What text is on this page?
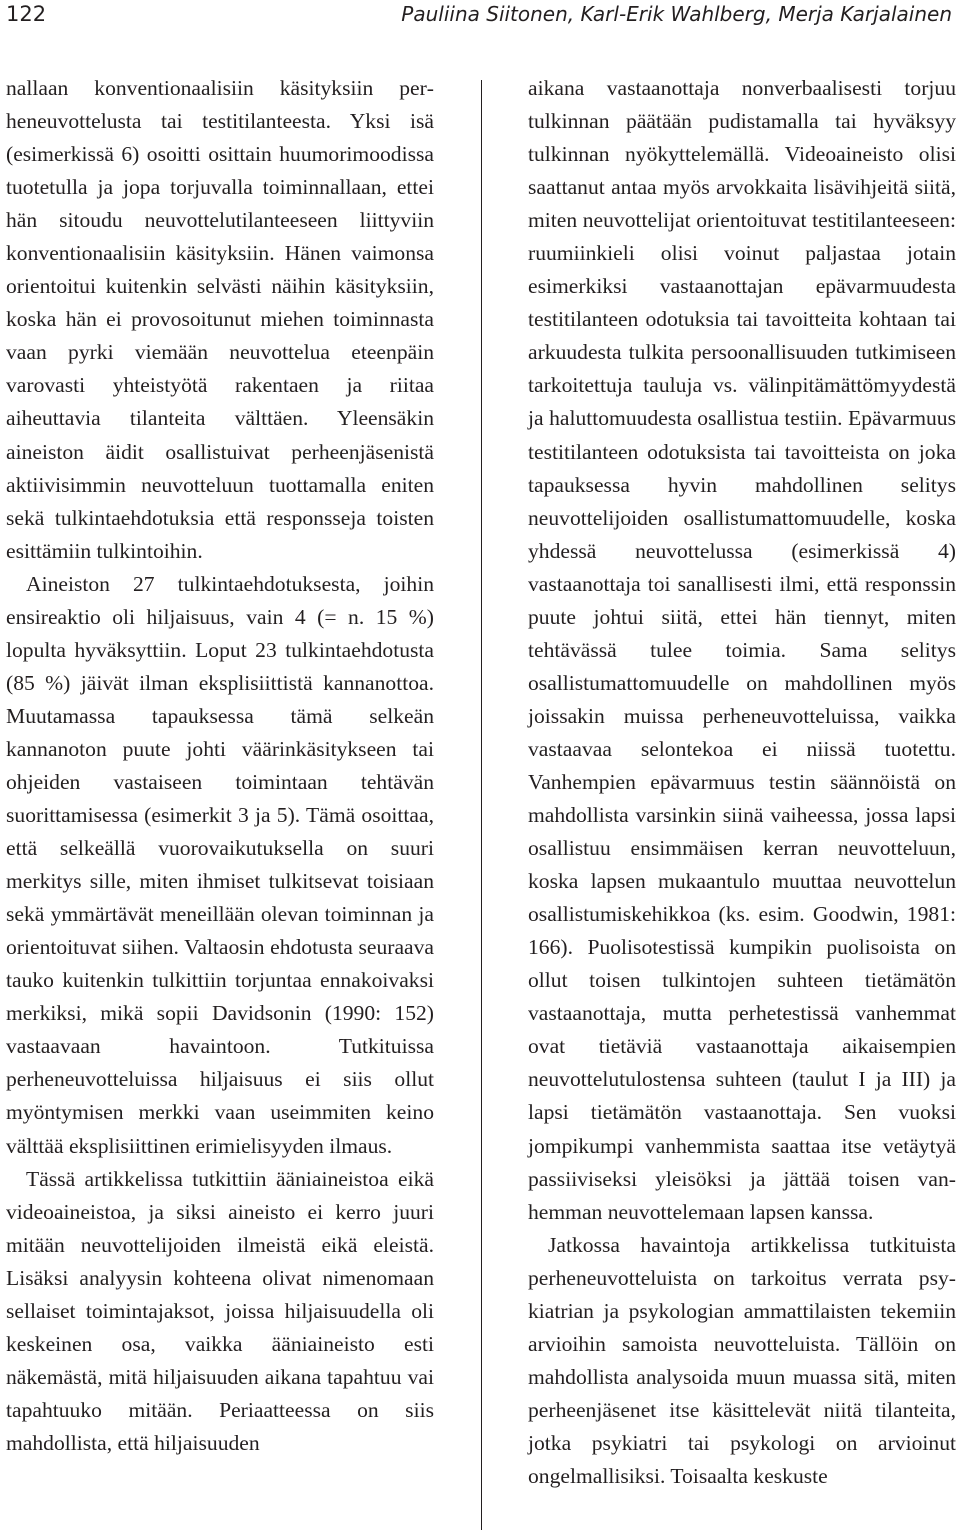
122	Pauliina Siitonen, Karl-Erik Wahlberg, Merja Karjalainen

nallaan konventionaalisiin käsityksiin perheneuvottelusta tai testitilanteesta. Yksi isä (esimerkissä 6) osoitti osittain huumorimoodissa tuotetulla ja jopa torjuvalla toiminnallaan, ettei hän sitoudu neuvottelutilanteeseen liittyviin konventionaalisiin käsityksiin. Hänen vaimonsa orientoitui kuitenkin selvästi näihin käsityksiin, koska hän ei provosoitunut miehen toiminnasta vaan pyrki viemään neuvottelua eteenpäin varovasti yhteistyötä rakentaen ja riitaa aiheuttavia tilanteita välttäen. Yleensäkin aineiston äidit osallistuivat perheenjäsenistä aktiivisimmin neuvotteluun tuottamalla eniten sekä tulkintaehdotuksia että responsseja toisten esittämiin tulkintoihin.

Aineiston 27 tulkintaehdotuksesta, joihin ensireaktio oli hiljaisuus, vain 4 (= n. 15 %) lopulta hyväksyttiin. Loput 23 tulkintaehdotusta (85 %) jäivät ilman eksplisiittistä kannanottoa. Muutamassa tapauksessa tämä selkeän kannanoton puute johti väärinkäsitykseen tai ohjeiden vastaiseen toimintaan tehtävän suorittamisessa (esimerkit 3 ja 5). Tämä osoittaa, että selkeällä vuorovaikutuksella on suuri merkitys sille, miten ihmiset tulkitsevat toisiaan sekä ymmärtävät meneillään olevan toiminnan ja orientoituvat siihen. Valtaosin ehdotusta seuraava tauko kuitenkin tulkittiin torjuntaa ennakoivaksi merkiksi, mikä sopii Davidsonin (1990: 152) vastaavaan havaintoon. Tutkituissa perheneuvotteluissa hiljaisuus ei siis ollut myöntymisen merkki vaan useimmiten keino välttää eksplisiittinen erimielisyyden ilmaus.

Tässä artikkelissa tutkittiin ääniaineistoa eikä videoaineistoa, ja siksi aineisto ei kerro juuri mitään neuvottelijoiden ilmeistä eikä eleistä. Lisäksi analyysin kohteena olivat nimenomaan sellaiset toimintajaksot, joissa hiljaisuudella oli keskeinen osa, vaikka ääniaineisto esti näkemästä, mitä hiljaisuuden aikana tapahtuu vai tapahtuuko mitään. Periaatteessa on siis mahdollista, että hiljaisuuden

aikana vastaanottaja nonverbaalisesti torjuu tulkinnan päätään pudistamalla tai hyväksyy tulkinnan nyökyttelemällä. Videoaineisto olisi saattanut antaa myös arvokkaita lisävihjeitä siitä, miten neuvottelijat orientoituvat testitilanteeseen: ruumiinkieli olisi voinut paljastaa jotain esimerkiksi vastaanottajan epävarmuudesta testitilanteen odotuksia tai tavoitteita kohtaan tai arkuudesta tulkita persoonallisuuden tutkimiseen tarkoitettuja tauluja vs. välinpitämättömyydestä ja haluttomuudesta osallistua testiin. Epävarmuus testitilanteen odotuksista tai tavoitteista on joka tapauksessa hyvin mahdollinen selitys neuvottelijoiden osallistumattomuudelle, koska yhdessä neuvottelussa (esimerkissä 4) vastaanottaja toi sanallisesti ilmi, että responssin puute johtui siitä, ettei hän tiennyt, miten tehtävässä tulee toimia. Sama selitys osallistumattomuudelle on mahdollinen myös joissakin muissa perheneuvotteluissa, vaikka vastaavaa selontekoa ei niissä tuotettu. Vanhempien epävarmuus testin säännöistä on mahdollista varsinkin siinä vaiheessa, jossa lapsi osallistuu ensimmäisen kerran neuvotteluun, koska lapsen mukaantulo muuttaa neuvottelun osallistumiskehikkoa (ks. esim. Goodwin, 1981: 166). Puolisotestissä kumpikin puolisoista on ollut toisen tulkintojen suhteen tietämätön vastaanottaja, mutta perhetestissä vanhemmat ovat tietäviä vastaanottaja aikaisempien neuvottelutulostensa suhteen (taulut I ja III) ja lapsi tietämätön vastaanottaja. Sen vuoksi jompikumpi vanhemmista saattaa itse vetäytyä passiiviseksi yleisöksi ja jättää toisen vanhemman neuvottelemaan lapsen kanssa.

Jatkossa havaintoja artikkelissa tutkituista perheneuvotteluista on tarkoitus verrata psykiatrian ja psykologian ammattilaisten tekemiin arvioihin samoista neuvotteluista. Tällöin on mahdollista analysoida muun muassa sitä, miten perheenjäsenet itse käsittelevät niitä tilanteita, jotka psykiatri tai psykologi on arvioinut ongelmallisiksi. Toisaalta keskuste
